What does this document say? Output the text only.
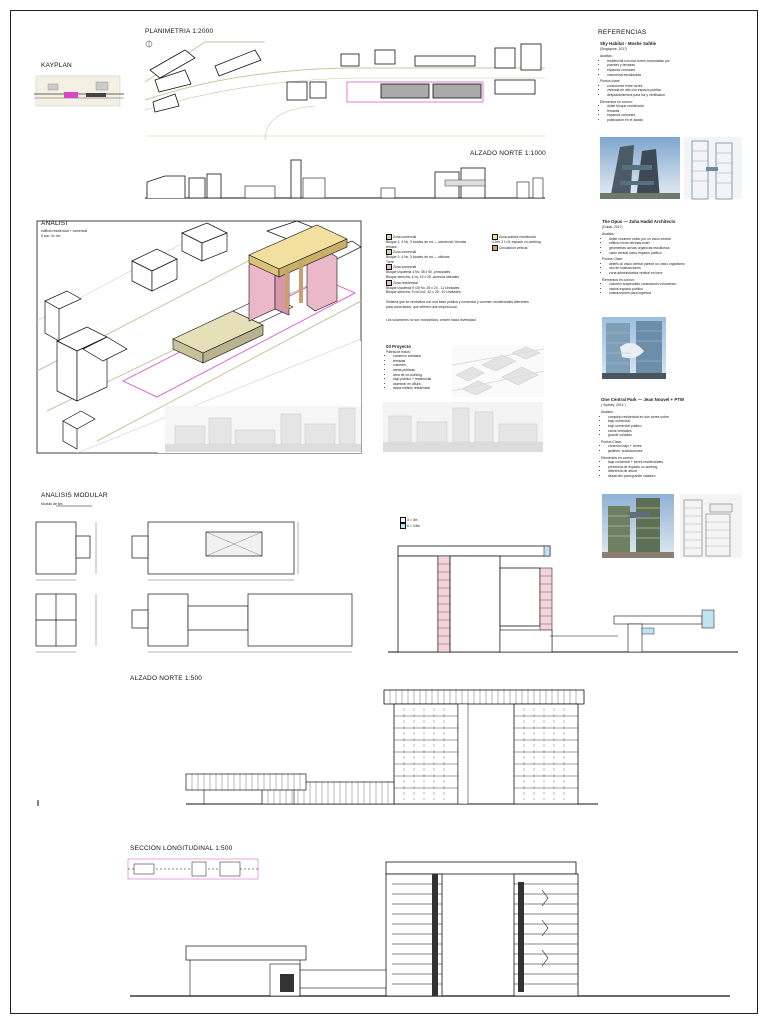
PLANIMETRIA 1:2000
KAYPLAN
ALZADO NORTE 1:1000
REFERENCIAS
ANALISI
edificio residencial + comercial
5 zon. 0c 4m
ANALISIS MODULAR
Modulo de 6m
ALZADO NORTE 1:500
SECCION LONGITUDINAL 1:500
Sky Habitat - Moshe Safdie
(Singapore, 2017)
Analisis:
• residencial con dos torres conectadas por
• puentes y terrazas
• espacios comunes
• volumetria escalonada
Puntos clave:
• conexiones entre torres
• vivienda en alto con espacio publico
• desplazamientos para luz y ventilacion
Elementos en comun:
• doble bloque residencial
• terrazas
• espacios comunes
• publicacion en el alzado
The Opus — Zaha Hadid Architects
(Dubai, 2017)
Analisis:
• doble volumen unido por un vacio central
• edificio mixto oficinas-hotel
• geometrias curvas organicas escultorica
• vacio central como espacio publico
Puntos Clave:
• abierto al vacio central parece un unico organismo
• uso de sustracciones
• zona administrativa vertical en torre
Elementos en comun:
• volumen suspendido conectando volumenes
• vacios espacio publico
• sustracciones para ingresos
One Central Park — Jean Nouvel + PTW
( Sydney, 2014 )
Analisis:
• complejo residencial en dos torres sobre
• bajo comercial
• bajo comercial publico
• ciclos verticales
• grande voladizo
Puntos Clave:
• conexion bajo + torres
• jardines, sustracciones
Elementos en comun:
• bajo comercial + torres residenciales
• presencia de espacio co-working
• diferencia de altura
• desarrollo para grande voladizo
Zona comercial
Bloque 1: 4 Nv, 3 locales de mt — comercial / tiendas
terraza
Zona comercial
Bloque 2: 4 Nv, 3 locales de mt — oficinas
Torre
Zona comercial
Bloque izquierda 4 Nv, 38 x 50 -principales
Bloque derecha: 4 nv, 42 x 28 -accesos laterales
Zona residencial
Bloque izquierda 9 /30 Nv, 28 x 24 - 11 Unidades
Bloque derecha: 9 nv/1m2, 42 x 28 - 10 Unidades
Zona publica residencial
4.5m, 3 f c/1 espacio co-working
Circulacion vertical
Sistema que se centraliza con una base publica y comercial y volumen residenciales diferentes para conectarlos, que definen una mejora local.
Los volumenes no son monolíticos, crecen hacia diversidad.
03 Proyecto
Paleta de tratos:
• comercio cotidiano
• terrazas
• volumen
• areas publicas
• area de co-working
• bajo publico + residencial
• alumbrar en altura
• datos edificio residencial
3 = 3m
6 = 4.5m
